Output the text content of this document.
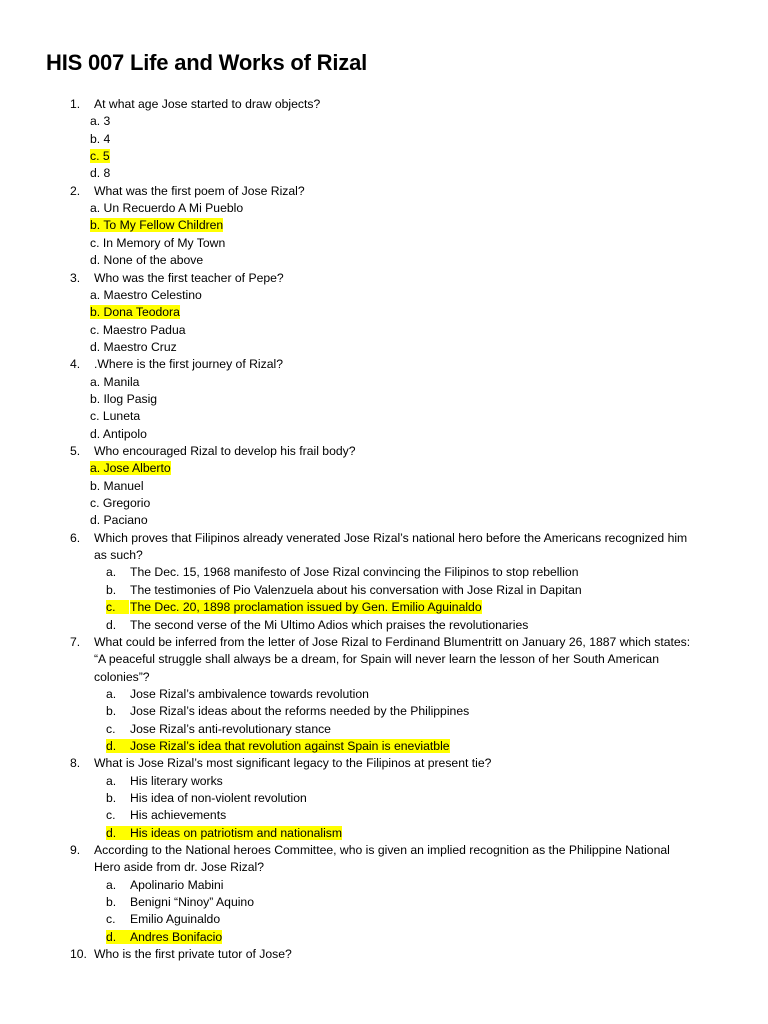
HIS 007 Life and Works of Rizal
1. At what age Jose started to draw objects?
a. 3
b. 4
c. 5
d. 8
2. What was the first poem of Jose Rizal?
a. Un Recuerdo A Mi Pueblo
b. To My Fellow Children
c. In Memory of My Town
d. None of the above
3. Who was the first teacher of Pepe?
a. Maestro Celestino
b. Dona Teodora
c. Maestro Padua
d. Maestro Cruz
4. .Where is the first journey of Rizal?
a. Manila
b. Ilog Pasig
c. Luneta
d. Antipolo
5. Who encouraged Rizal to develop his frail body?
a. Jose Alberto
b. Manuel
c. Gregorio
d. Paciano
6. Which proves that Filipinos already venerated Jose Rizal’s national hero before the Americans recognized him
as such?
a. The Dec. 15, 1968 manifesto of Jose Rizal convincing the Filipinos to stop rebellion
b. The testimonies of Pio Valenzuela about his conversation with Jose Rizal in Dapitan
c.	The Dec. 20, 1898 proclamation issued by Gen. Emilio Aguinaldo
d. The second verse of the Mi Ultimo Adios which praises the revolutionaries
7. What could be inferred from the letter of Jose Rizal to Ferdinand Blumentritt on January 26, 1887 which states:
“A peaceful struggle shall always be a dream, for Spain will never learn the lesson of her South American
colonies”?
a. Jose Rizal’s ambivalence towards revolution
b. Jose Rizal’s ideas about the reforms needed by the Philippines
c. Jose Rizal’s anti-revolutionary stance
d.	Jose Rizal’s idea that revolution against Spain is eneviatble
8. What is Jose Rizal’s most significant legacy to the Filipinos at present tie?
a. His literary works
b. His idea of non-violent revolution
c. His achievements
d.	His ideas on patriotism and nationalism
9. According to the National heroes Committee, who is given an implied recognition as the Philippine National
Hero aside from dr. Jose Rizal?
a. Apolinario Mabini
b. Benigni “Ninoy” Aquino
c. Emilio Aguinaldo
d.	Andres Bonifacio
10. Who is the first private tutor of Jose?
